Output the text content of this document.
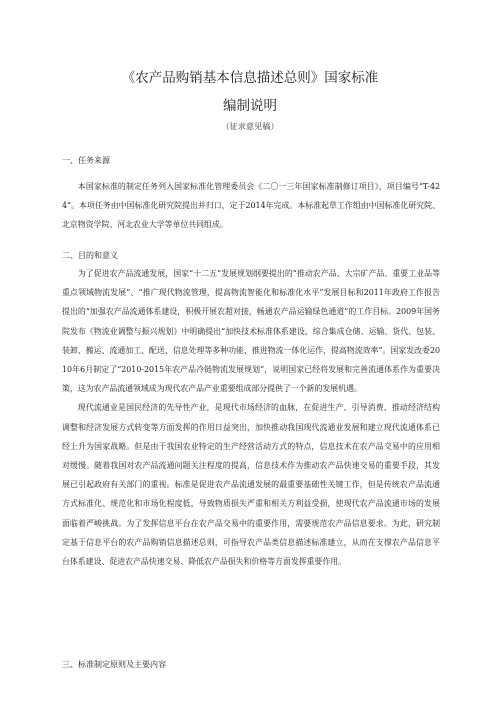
《农产品购销基本信息描述总则》国家标准
编制说明
（征求意见稿）
一、任务来源

本国家标准的制定任务列入国家标准化管理委员会《二〇一三年国家标准制修订项目》，项目编号“T-424”。本项任务由中国标准化研究院提出并归口，定于2014年完成。本标准起草工作组由中国标准化研究院、北京物资学院、河北农业大学等单位共同组成。

二、目的和意义

为了促进农产品流通发展，国家“十二五”发展规划纲要提出的“推动农产品、大宗矿产品、重要工业品等重点领域物流发展”、“推广现代物流管理，提高物流智能化和标准化水平”发展目标和2011年政府工作报告提出的“加强农产品流通体系建设，积极开展农超对接，畅通农产品运输绿色通道”的工作目标。2009年国务院发布《物流业调整与振兴规划》中明确提出“加快技术标准体系建设，综合集成仓储、运输、货代、包装、装卸、搬运、流通加工、配送、信息处理等多种功能，推进物流一体化运作，提高物流效率”。国家发改委2010年6月制定了“2010-2015年农产品冷链物流发展规划”，说明国家已经将发展和完善流通体系作为重要决策，这为农产品流通领域成为现代农产品产业重要组成部分提供了一个新的发展机遇。

现代流通业是国民经济的先导性产业，是现代市场经济的血脉，在促进生产、引导消费、推动经济结构调整和经济发展方式转变等方面发挥的作用日益突出，加快推动我国现代流通业发展和建立现代流通体系已经上升为国家战略。但是由于我国农业特定的生产经营活动方式的特点，信息技术在农产品交易中的应用相对缓慢。随着我国对农产品流通问题关注程度的提高，信息技术作为推动农产品快速交易的重要手段，其发展已引起政府有关部门的重视。标准是促进农产品流通发展的最重要基础性关键工作，但是传统农产品流通方式标准化、规范化和市场化程度低，导致物质损失严重和相关方利益受损，使现代农产品流通市场的发展面临着严峻挑战。为了发挥信息平台在农产品交易中的重要作用，需要规范农产品信息要求。为此，研究制定基于信息平台的农产品购销信息描述总则，可指导农产品类信息描述标准建立，从而在支撑农产品信息平台体系建设、促进农产品快速交易、降低农产品损失和价格等方面发挥重要作用。

三、标准制定原则及主要内容
